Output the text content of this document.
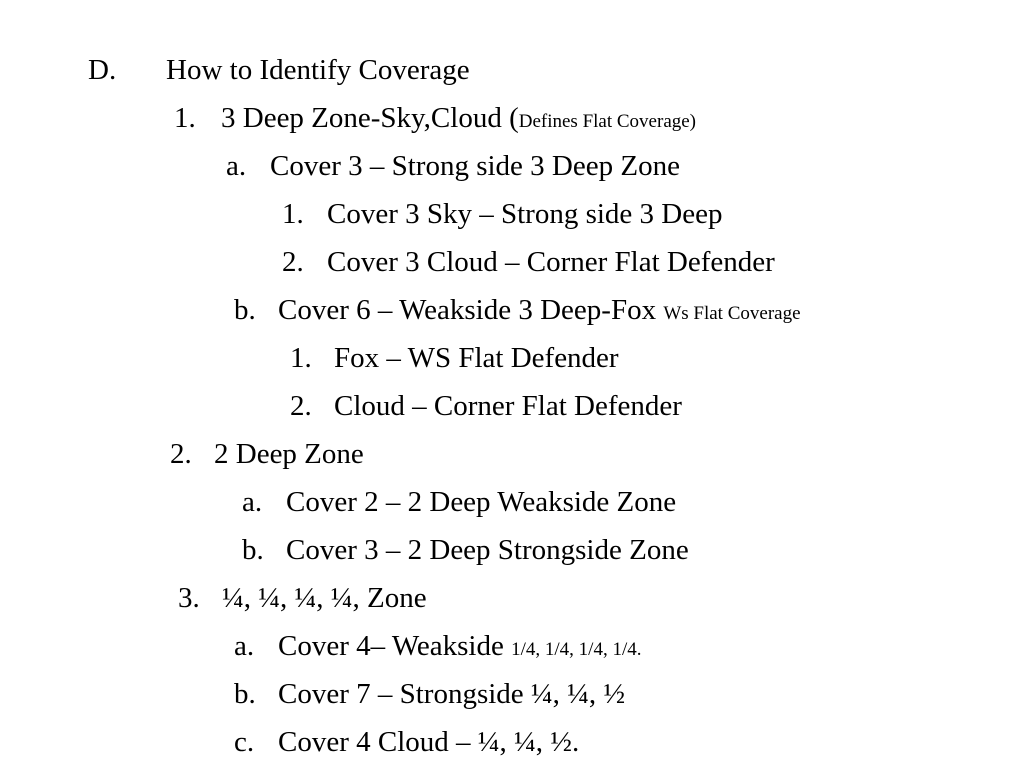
D. How to Identify Coverage
1. 3 Deep Zone-Sky,Cloud (Defines Flat Coverage)
a. Cover 3 – Strong side 3 Deep Zone
1. Cover 3 Sky – Strong side 3 Deep
2. Cover 3 Cloud – Corner Flat Defender
b. Cover 6 – Weakside 3 Deep-Fox Ws Flat Coverage
1. Fox – WS Flat Defender
2. Cloud – Corner Flat Defender
2. 2 Deep Zone
a. Cover 2 – 2 Deep Weakside Zone
b. Cover 3 – 2 Deep Strongside Zone
3. ¼, ¼, ¼, ¼, Zone
a. Cover 4– Weakside 1/4, 1/4, 1/4, 1/4.
b. Cover 7 – Strongside ¼, ¼, ½
c. Cover 4 Cloud – ¼, ¼, ½.
